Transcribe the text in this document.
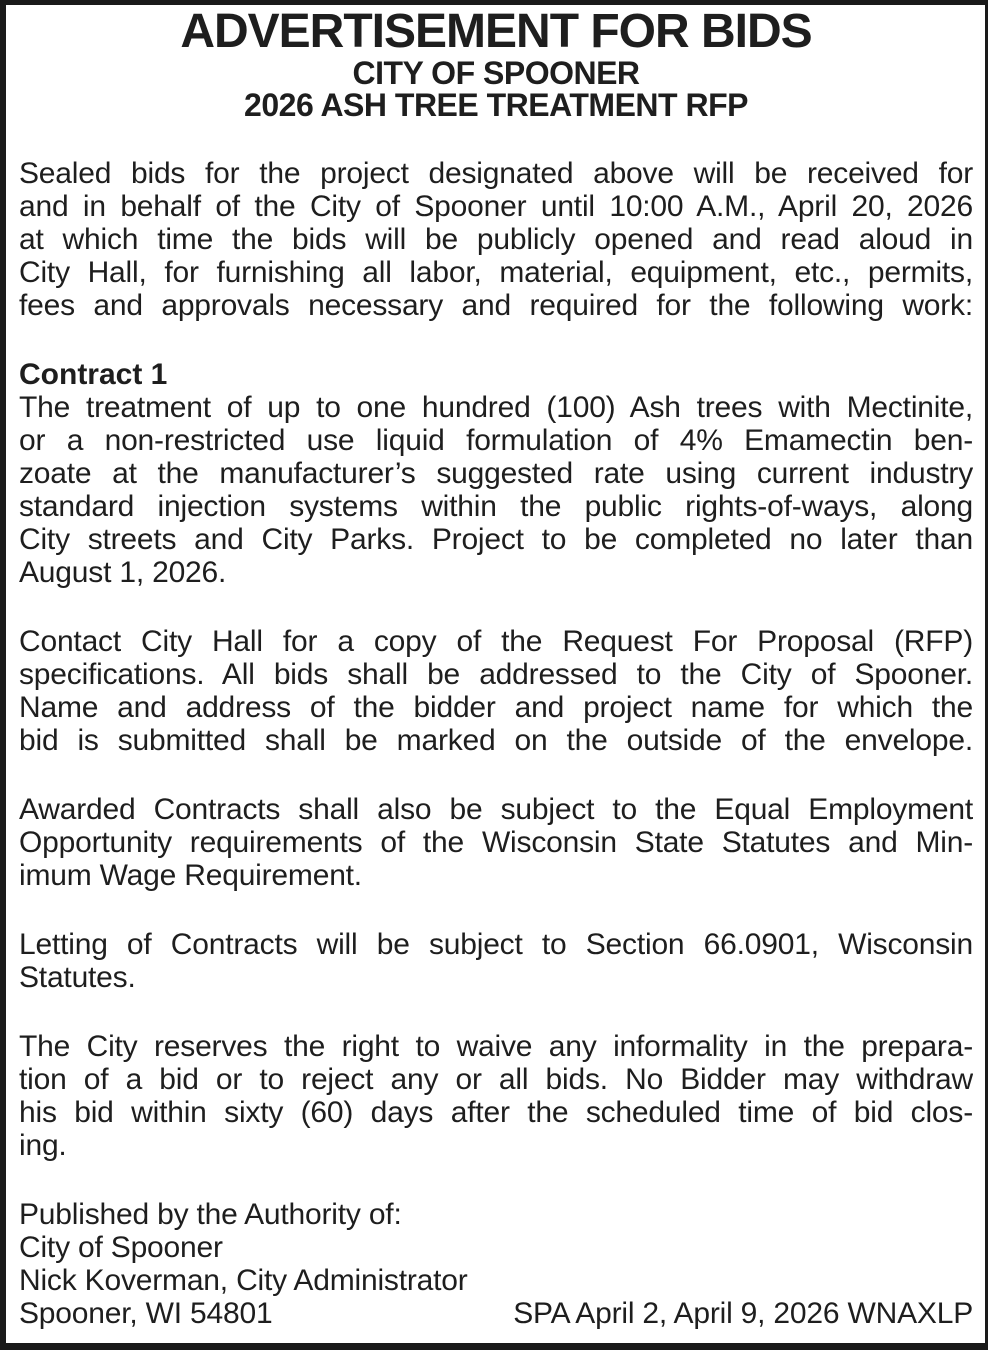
ADVERTISEMENT FOR BIDS
CITY OF SPOONER
2026 ASH TREE TREATMENT RFP
Sealed bids for the project designated above will be received for
and in behalf of the City of Spooner until 10:00 A.M., April 20, 2026
at which time the bids will be publicly opened and read aloud in
City Hall, for furnishing all labor, material, equipment, etc., permits,
fees and approvals necessary and required for the following work:
Contract 1
The treatment of up to one hundred (100) Ash trees with Mectinite,
or a non-restricted use liquid formulation of 4% Emamectin ben-
zoate at the manufacturer’s suggested rate using current industry
standard injection systems within the public rights-of-ways, along
City streets and City Parks. Project to be completed no later than
August 1, 2026.
Contact City Hall for a copy of the Request For Proposal (RFP)
specifications. All bids shall be addressed to the City of Spooner.
Name and address of the bidder and project name for which the
bid is submitted shall be marked on the outside of the envelope.
Awarded Contracts shall also be subject to the Equal Employment
Opportunity requirements of the Wisconsin State Statutes and Min-
imum Wage Requirement.
Letting of Contracts will be subject to Section 66.0901, Wisconsin
Statutes.
The City reserves the right to waive any informality in the prepara-
tion of a bid or to reject any or all bids. No Bidder may withdraw
his bid within sixty (60) days after the scheduled time of bid clos-
ing.
Published by the Authority of:
City of Spooner
Nick Koverman, City Administrator
Spooner, WI 54801	SPA April 2, April 9, 2026 WNAXLP
